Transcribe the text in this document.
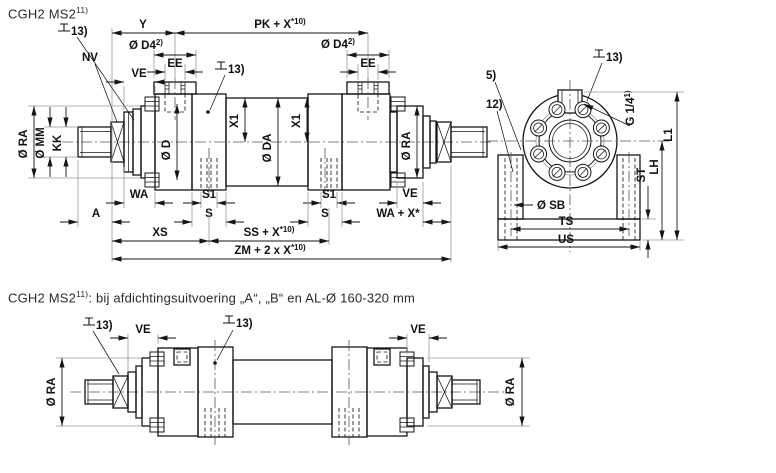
CGH2 MS2$^{11)}$
Y	PK + $X^{*10)}$
Ø D4$^{2)}$	Ø D4$^{2)}$
EE	EE
VE
NV
13)
13)
Ø RA Ø MM KK	Ø D
X1	X1
Ø DA	Ø RA
WA	S1	S1	VE
A	S	S	WA + X*
XS	SS + $X^{*10)}$
ZM + 2 x $X^{*10)}$
5)
12)
13)
G 1/4$^{1)}$
ST
LH
L1
Ø SB
TS
US
CGH2 MS2$^{11)}$: bij afdichtingsuitvoering „A“, „B“ en AL-Ø 160-320 mm
13)	13)
VE	VE
Ø RA	Ø RA
